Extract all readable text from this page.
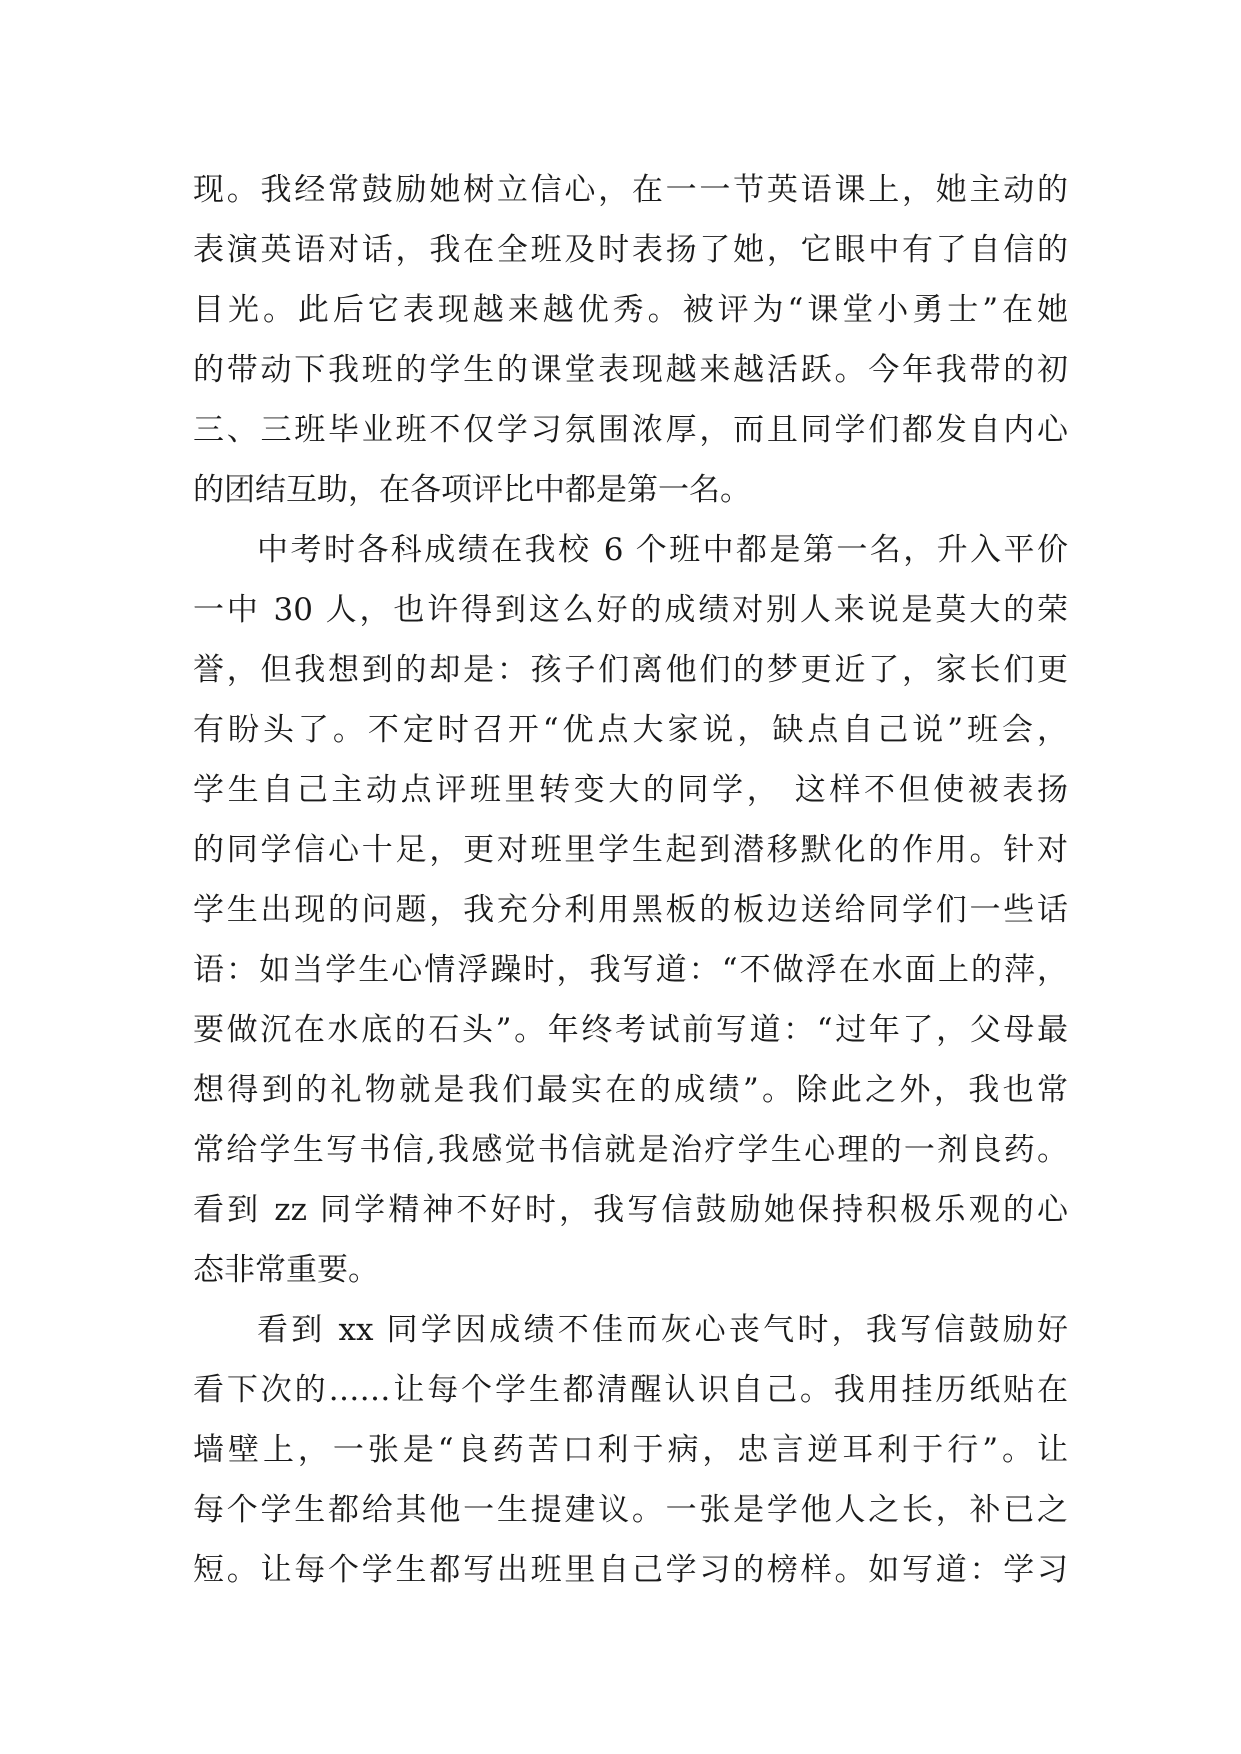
现。我经常鼓励她树立信心，在一一节英语课上，她主动的
表演英语对话，我在全班及时表扬了她，它眼中有了自信的
目光。此后它表现越来越优秀。被评为“课堂小勇士”在她
的带动下我班的学生的课堂表现越来越活跃。今年我带的初
三、三班毕业班不仅学习氛围浓厚，而且同学们都发自内心
的团结互助，在各项评比中都是第一名。
中考时各科成绩在我校 6 个班中都是第一名，升入平价
一中 30 人，也许得到这么好的成绩对别人来说是莫大的荣
誉，但我想到的却是：孩子们离他们的梦更近了，家长们更
有盼头了。不定时召开“优点大家说，缺点自己说”班会，
学生自己主动点评班里转变大的同学， 这样不但使被表扬
的同学信心十足，更对班里学生起到潜移默化的作用。针对
学生出现的问题，我充分利用黑板的板边送给同学们一些话
语：如当学生心情浮躁时，我写道：“不做浮在水面上的萍，
要做沉在水底的石头”。年终考试前写道：“过年了，父母最
想得到的礼物就是我们最实在的成绩”。除此之外，我也常
常给学生写书信,我感觉书信就是治疗学生心理的一剂良药。
看到 zz 同学精神不好时，我写信鼓励她保持积极乐观的心
态非常重要。
看到 xx 同学因成绩不佳而灰心丧气时，我写信鼓励好
看下次的……让每个学生都清醒认识自己。我用挂历纸贴在
墙壁上，一张是“良药苦口利于病，忠言逆耳利于行”。让
每个学生都给其他一生提建议。一张是学他人之长，补已之
短。让每个学生都写出班里自己学习的榜样。如写道：学习
